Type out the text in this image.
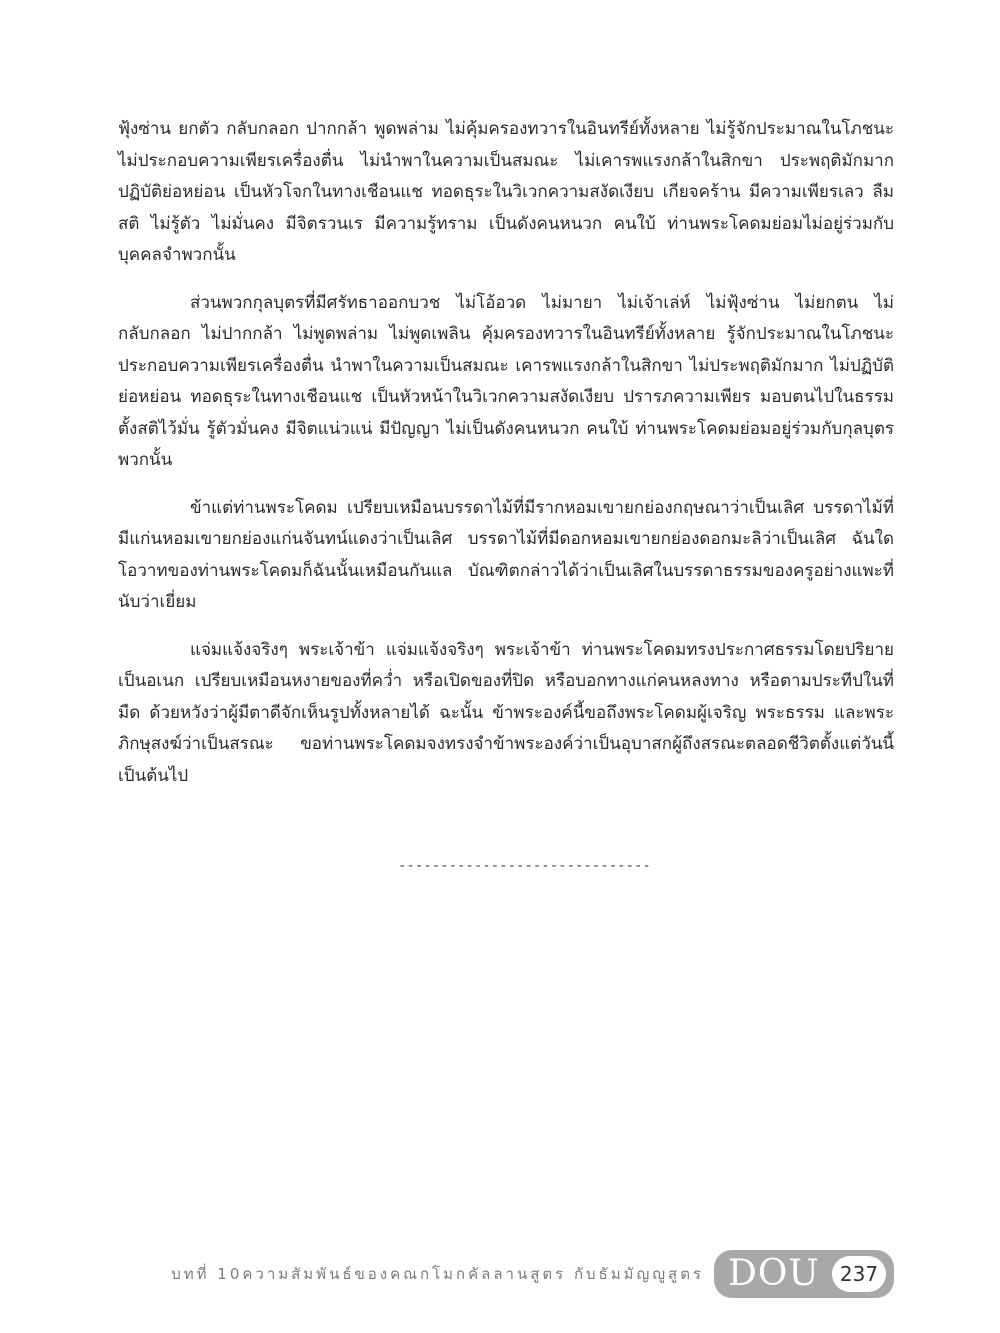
ฟุ้งซ่าน ยกตัว กลับกลอก ปากกล้า พูดพล่าม ไม่คุ้มครองทวารในอินทรีย์ทั้งหลาย ไม่รู้จักประมาณในโภชนะ ไม่ประกอบความเพียรเครื่องตื่น ไม่นำพาในความเป็นสมณะ ไม่เคารพแรงกล้าในสิกขา ประพฤติมักมาก ปฏิบัติย่อหย่อน เป็นหัวโจกในทางเชือนแช ทอดธุระในวิเวกความสงัดเงียบ เกียจคร้าน มีความเพียรเลว ลืมสติ ไม่รู้ตัว ไม่มั่นคง มีจิตรวนเร มีความรู้ทราม เป็นดังคนหนวก คนใบ้ ท่านพระโคดมย่อมไม่อยู่ร่วมกับบุคคลจำพวกนั้น

ส่วนพวกกุลบุตรที่มีศรัทธาออกบวช ไม่โอ้อวด ไม่มายา ไม่เจ้าเล่ห์ ไม่ฟุ้งซ่าน ไม่ยกตน ไม่กลับกลอก ไม่ปากกล้า ไม่พูดพล่าม ไม่พูดเพลิน คุ้มครองทวารในอินทรีย์ทั้งหลาย รู้จักประมาณในโภชนะ ประกอบความเพียรเครื่องตื่น นำพาในความเป็นสมณะ เคารพแรงกล้าในสิกขา ไม่ประพฤติมักมาก ไม่ปฏิบัติย่อหย่อน ทอดธุระในทางเชือนแช เป็นหัวหน้าในวิเวกความสงัดเงียบ ปรารภความเพียร มอบตนไปในธรรม ตั้งสติไว้มั่น รู้ตัวมั่นคง มีจิตแน่วแน่ มีปัญญา ไม่เป็นดังคนหนวก คนใบ้ ท่านพระโคดมย่อมอยู่ร่วมกับกุลบุตรพวกนั้น

ข้าแต่ท่านพระโคดม เปรียบเหมือนบรรดาไม้ที่มีรากหอมเขายกย่องกฤษณาว่าเป็นเลิศ บรรดาไม้ที่มีแก่นหอมเขายกย่องแก่นจันทน์แดงว่าเป็นเลิศ บรรดาไม้ที่มีดอกหอมเขายกย่องดอกมะลิว่าเป็นเลิศ ฉันใด โอวาทของท่านพระโคดมก็ฉันนั้นเหมือนกันแล บัณฑิตกล่าวได้ว่าเป็นเลิศในบรรดาธรรมของครูอย่างแพะที่นับว่าเยี่ยม

แจ่มแจ้งจริงๆ พระเจ้าข้า แจ่มแจ้งจริงๆ พระเจ้าข้า ท่านพระโคดมทรงประกาศธรรมโดยปริยายเป็นอเนก เปรียบเหมือนหงายของที่คว่ำ หรือเปิดของที่ปิด หรือบอกทางแก่คนหลงทาง หรือตามประทีปในที่มืด ด้วยหวังว่าผู้มีตาดีจักเห็นรูปทั้งหลายได้ ฉะนั้น ข้าพระองค์นี้ขอถึงพระโคดมผู้เจริญ พระธรรม และพระภิกษุสงฆ์ว่าเป็นสรณะ ขอท่านพระโคดมจงทรงจำข้าพระองค์ว่าเป็นอุบาสกผู้ถึงสรณะตลอดชีวิตตั้งแต่วันนี้เป็นต้นไป

------------------------------
บทที่ 10ความสัมพันธ์ของคณกโมกคัลลานสูตร กับธัมมัญญูสูตร DOU	237
